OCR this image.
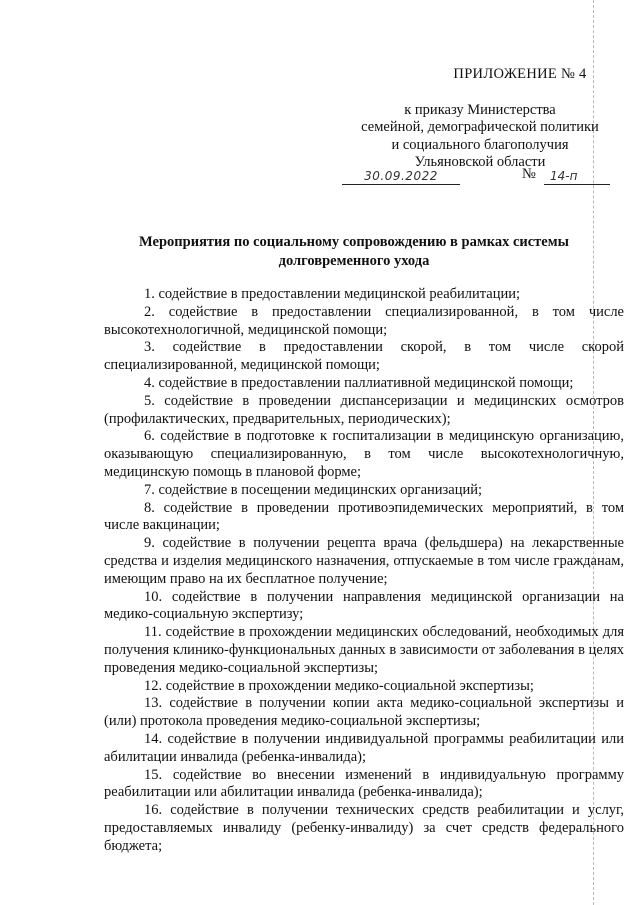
ПРИЛОЖЕНИЕ № 4
к приказу Министерства
семейной, демографической политики
и социального благополучия
Ульяновской области
30.09.2022	№	14-п
Мероприятия по социальному сопровождению в рамках системы
долговременного ухода

1. содействие в предоставлении медицинской реабилитации;

2. содействие в предоставлении специализированной, в том числе высокотехнологичной, медицинской помощи;

3. содействие в предоставлении скорой, в том числе скорой специализированной, медицинской помощи;

4. содействие в предоставлении паллиативной медицинской помощи;

5. содействие в проведении диспансеризации и медицинских осмотров (профилактических, предварительных, периодических);

6. содействие в подготовке к госпитализации в медицинскую организацию, оказывающую специализированную, в том числе высокотехнологичную, медицинскую помощь в плановой форме;

7. содействие в посещении медицинских организаций;

8. содействие в проведении противоэпидемических мероприятий, в том числе вакцинации;

9. содействие в получении рецепта врача (фельдшера) на лекарственные средства и изделия медицинского назначения, отпускаемые в том числе гражданам, имеющим право на их бесплатное получение;

10. содействие в получении направления медицинской организации на медико-социальную экспертизу;

11. содействие в прохождении медицинских обследований, необходимых для получения клинико-функциональных данных в зависимости от заболевания в целях проведения медико-социальной экспертизы;

12. содействие в прохождении медико-социальной экспертизы;

13. содействие в получении копии акта медико-социальной экспертизы и (или) протокола проведения медико-социальной экспертизы;

14. содействие в получении индивидуальной программы реабилитации или абилитации инвалида (ребенка-инвалида);

15. содействие во внесении изменений в индивидуальную программу реабилитации или абилитации инвалида (ребенка-инвалида);

16. содействие в получении технических средств реабилитации и услуг, предоставляемых инвалиду (ребенку-инвалиду) за счет средств федерального бюджета;
